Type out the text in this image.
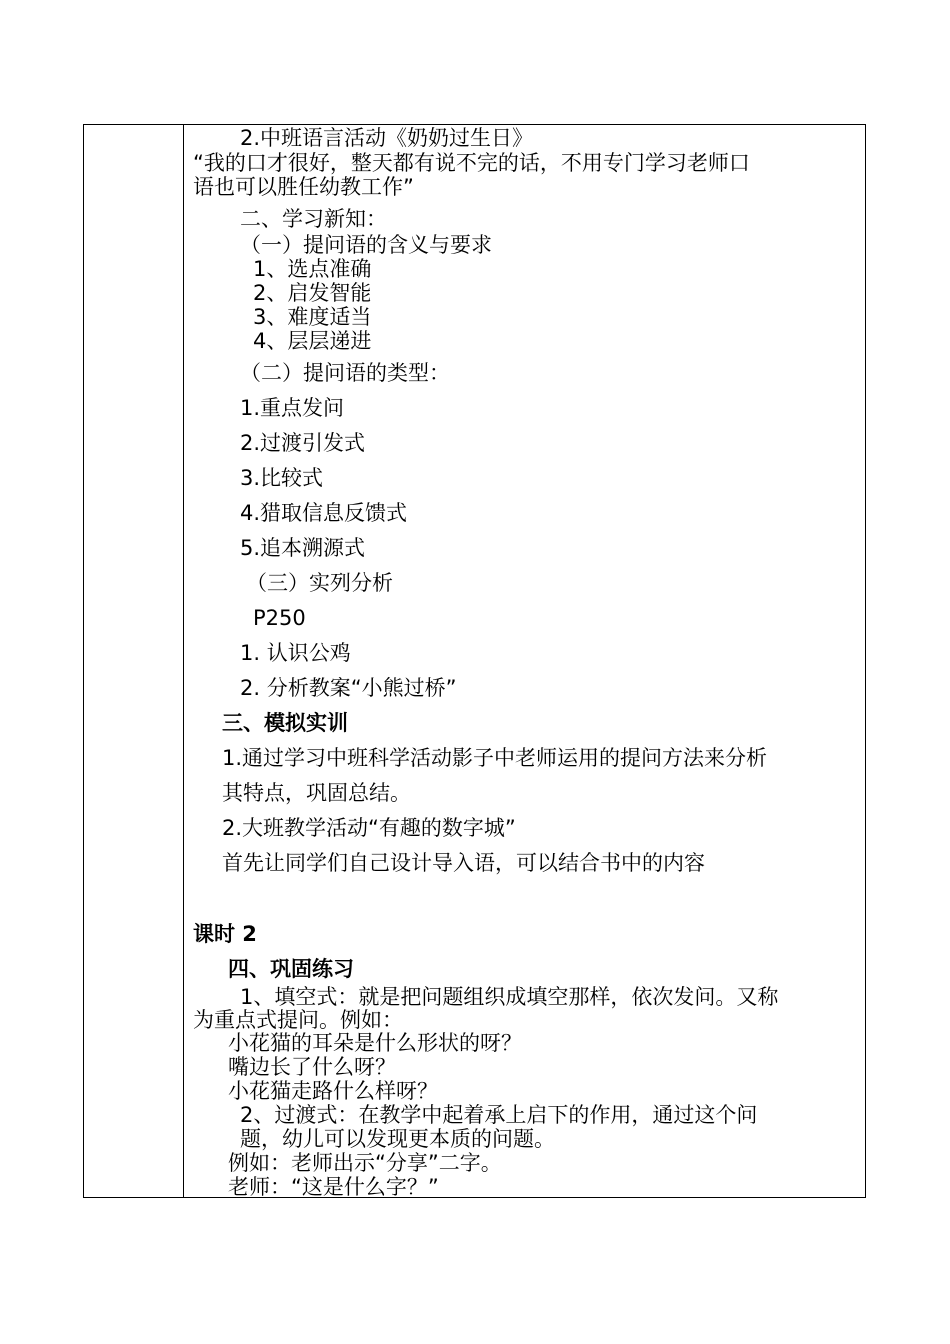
2.中班语言活动《奶奶过生日》
“我的口才很好，整天都有说不完的话，不用专门学习老师口
语也可以胜任幼教工作”
二、学习新知：
（一）提问语的含义与要求
1、选点准确
2、启发智能
3、难度适当
4、层层递进
（二）提问语的类型：
1.重点发问
2.过渡引发式
3.比较式
4.猎取信息反馈式
5.追本溯源式
（三）实列分析
P250
1. 认识公鸡
2. 分析教案“小熊过桥”
三、模拟实训
1.通过学习中班科学活动影子中老师运用的提问方法来分析
其特点，巩固总结。
2.大班教学活动“有趣的数字城”
首先让同学们自己设计导入语，可以结合书中的内容
课时 2
四、巩固练习
1、填空式：就是把问题组织成填空那样，依次发问。又称
为重点式提问。例如：
小花猫的耳朵是什么形状的呀？
嘴边长了什么呀？
小花猫走路什么样呀？
2、过渡式：在教学中起着承上启下的作用，通过这个问
题，幼儿可以发现更本质的问题。
例如：老师出示“分享”二字。
老师：“这是什么字？”
